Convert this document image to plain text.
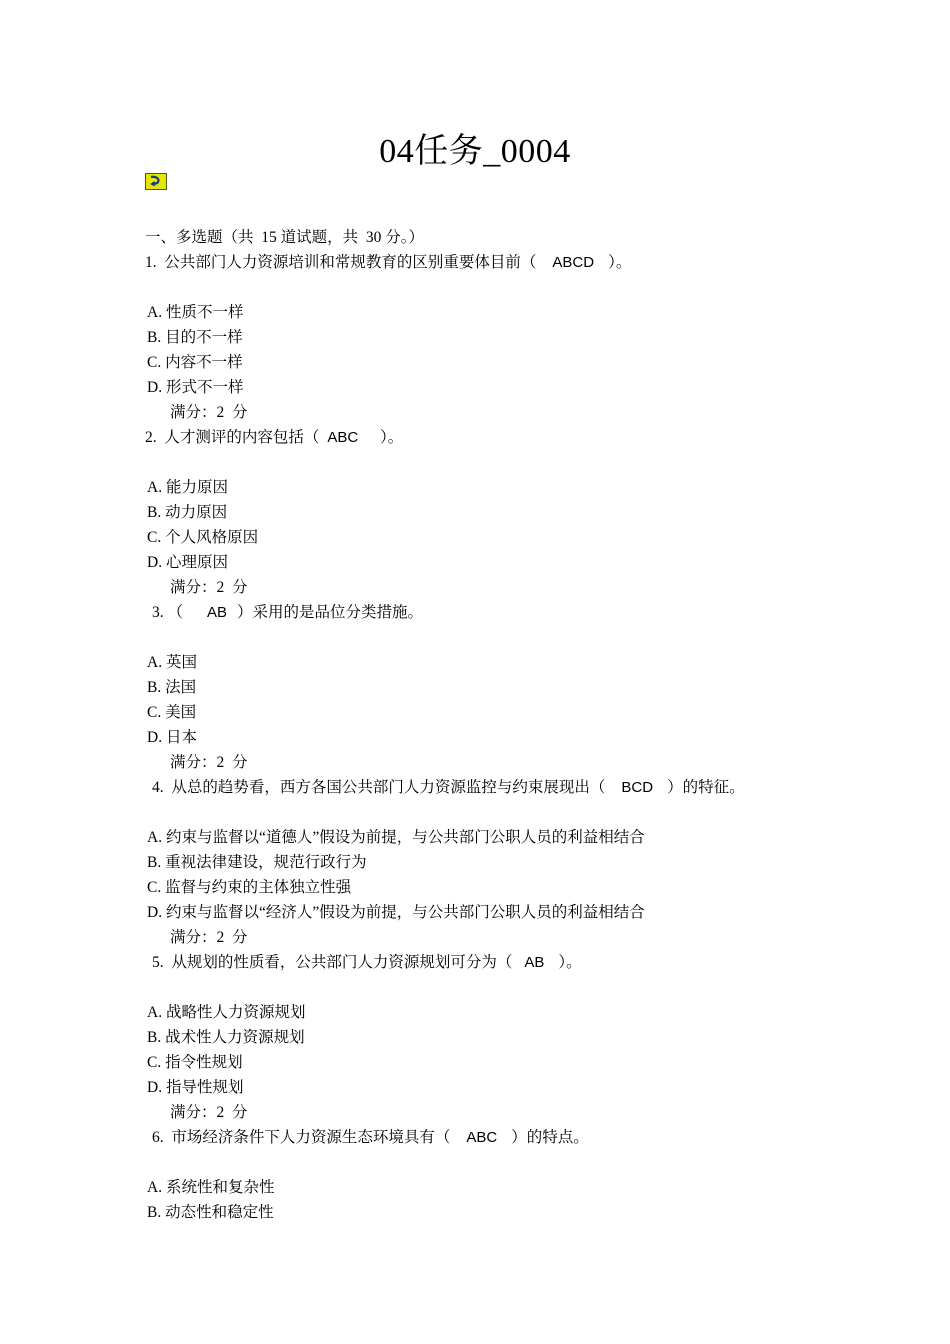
04任务_0004
一、多选题（共  15 道试题，共  30 分。）
1.  公共部门人力资源培训和常规教育的区别重要体目前（ ABCD ）。
A. 性质不一样
B. 目的不一样
C. 内容不一样
D. 形式不一样
满分：2  分
2.  人才测评的内容包括（ ABC  ）。
A. 能力原因
B. 动力原因
C. 个人风格原因
D. 心理原因
满分：2  分
3. （ AB ）采用的是品位分类措施。
A. 英国
B. 法国
C. 美国
D. 日本
满分：2  分
4.  从总的趋势看，西方各国公共部门人力资源监控与约束展现出（ BCD ）的特征。
A. 约束与监督以“道德人”假设为前提，与公共部门公职人员的利益相结合
B. 重视法律建设，规范行政行为
C. 监督与约束的主体独立性强
D. 约束与监督以“经济人”假设为前提，与公共部门公职人员的利益相结合
满分：2  分
5.  从规划的性质看，公共部门人力资源规划可分为（ AB ）。
A. 战略性人力资源规划
B. 战术性人力资源规划
C. 指令性规划
D. 指导性规划
满分：2  分
6.  市场经济条件下人力资源生态环境具有（ ABC ）的特点。
A. 系统性和复杂性
B. 动态性和稳定性
